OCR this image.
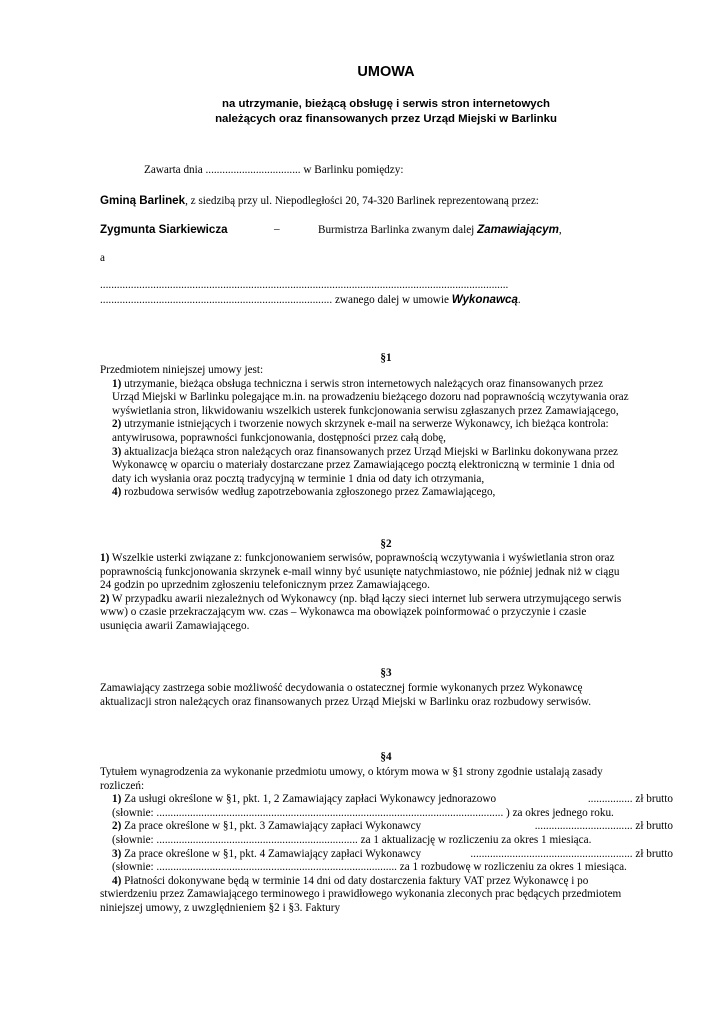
UMOWA
na utrzymanie, bieżącą obsługę i serwis stron internetowych
należących oraz finansowanych przez Urząd Miejski w Barlinku
Zawarta dnia .................................. w Barlinku pomiędzy:
Gminą Barlinek, z siedzibą przy ul. Niepodległości 20, 74-320 Barlinek reprezentowaną przez:
Zygmunta Siarkiewicza	–	Burmistrza Barlinka zwanym dalej Zamawiającym,
a
..................................................................................................................................................
................................................................................... zwanego dalej w umowie Wykonawcą.
§1
Przedmiotem niniejszej umowy jest:
1) utrzymanie, bieżąca obsługa techniczna i serwis stron internetowych należących oraz finansowanych przez
Urząd Miejski w Barlinku polegające m.in. na prowadzeniu bieżącego dozoru nad poprawnością wczytywania oraz
wyświetlania stron, likwidowaniu wszelkich usterek funkcjonowania serwisu zgłaszanych przez Zamawiającego,
2) utrzymanie istniejących i tworzenie nowych skrzynek e-mail na serwerze Wykonawcy, ich bieżąca kontrola:
antywirusowa, poprawności funkcjonowania, dostępności przez całą dobę,
3) aktualizacja bieżąca stron należących oraz finansowanych przez Urząd Miejski w Barlinku dokonywana przez
Wykonawcę w oparciu o materiały dostarczane przez Zamawiającego pocztą elektroniczną w terminie 1 dnia od
daty ich wysłania oraz pocztą tradycyjną w terminie 1 dnia od daty ich otrzymania,
4) rozbudowa serwisów według zapotrzebowania zgłoszonego przez Zamawiającego,
§2
1) Wszelkie usterki związane z: funkcjonowaniem serwisów, poprawnością wczytywania i wyświetlania stron oraz
poprawnością funkcjonowania skrzynek e-mail winny być usunięte natychmiastowo, nie później jednak niż w ciągu
24 godzin po uprzednim zgłoszeniu telefonicznym przez Zamawiającego.
2) W przypadku awarii niezależnych od Wykonawcy (np. błąd łączy sieci internet lub serwera utrzymującego serwis
www) o czasie przekraczającym ww. czas – Wykonawca ma obowiązek poinformować o przyczynie i czasie
usunięcia awarii Zamawiającego.
§3
Zamawiający zastrzega sobie możliwość decydowania o ostatecznej formie wykonanych przez Wykonawcę
aktualizacji stron należących oraz finansowanych przez Urząd Miejski w Barlinku oraz rozbudowy serwisów.
§4
Tytułem wynagrodzenia za wykonanie przedmiotu umowy, o którym mowa w §1 strony zgodnie ustalają zasady
rozliczeń:
1) Za usługi określone w §1, pkt. 1, 2 Zamawiający zapłaci Wykonawcy jednorazowo	................ zł brutto
(słownie: ............................................................................................................................ ) za okres jednego roku.
2) Za prace określone w §1, pkt. 3 Zamawiający zapłaci Wykonawcy	................................... zł brutto
(słownie: ........................................................................ za 1 aktualizację w rozliczeniu za okres 1 miesiąca.
3) Za prace określone w §1, pkt. 4 Zamawiający zapłaci Wykonawcy	.......................................................... zł brutto
(słownie: ...................................................................................... za 1 rozbudowę w rozliczeniu za okres 1 miesiąca.
4) Płatności dokonywane będą w terminie 14 dni od daty dostarczenia faktury VAT przez Wykonawcę i po
stwierdzeniu przez Zamawiającego terminowego i prawidłowego wykonania zleconych prac będących przedmiotem
niniejszej umowy, z uwzględnieniem §2 i §3. Faktury
